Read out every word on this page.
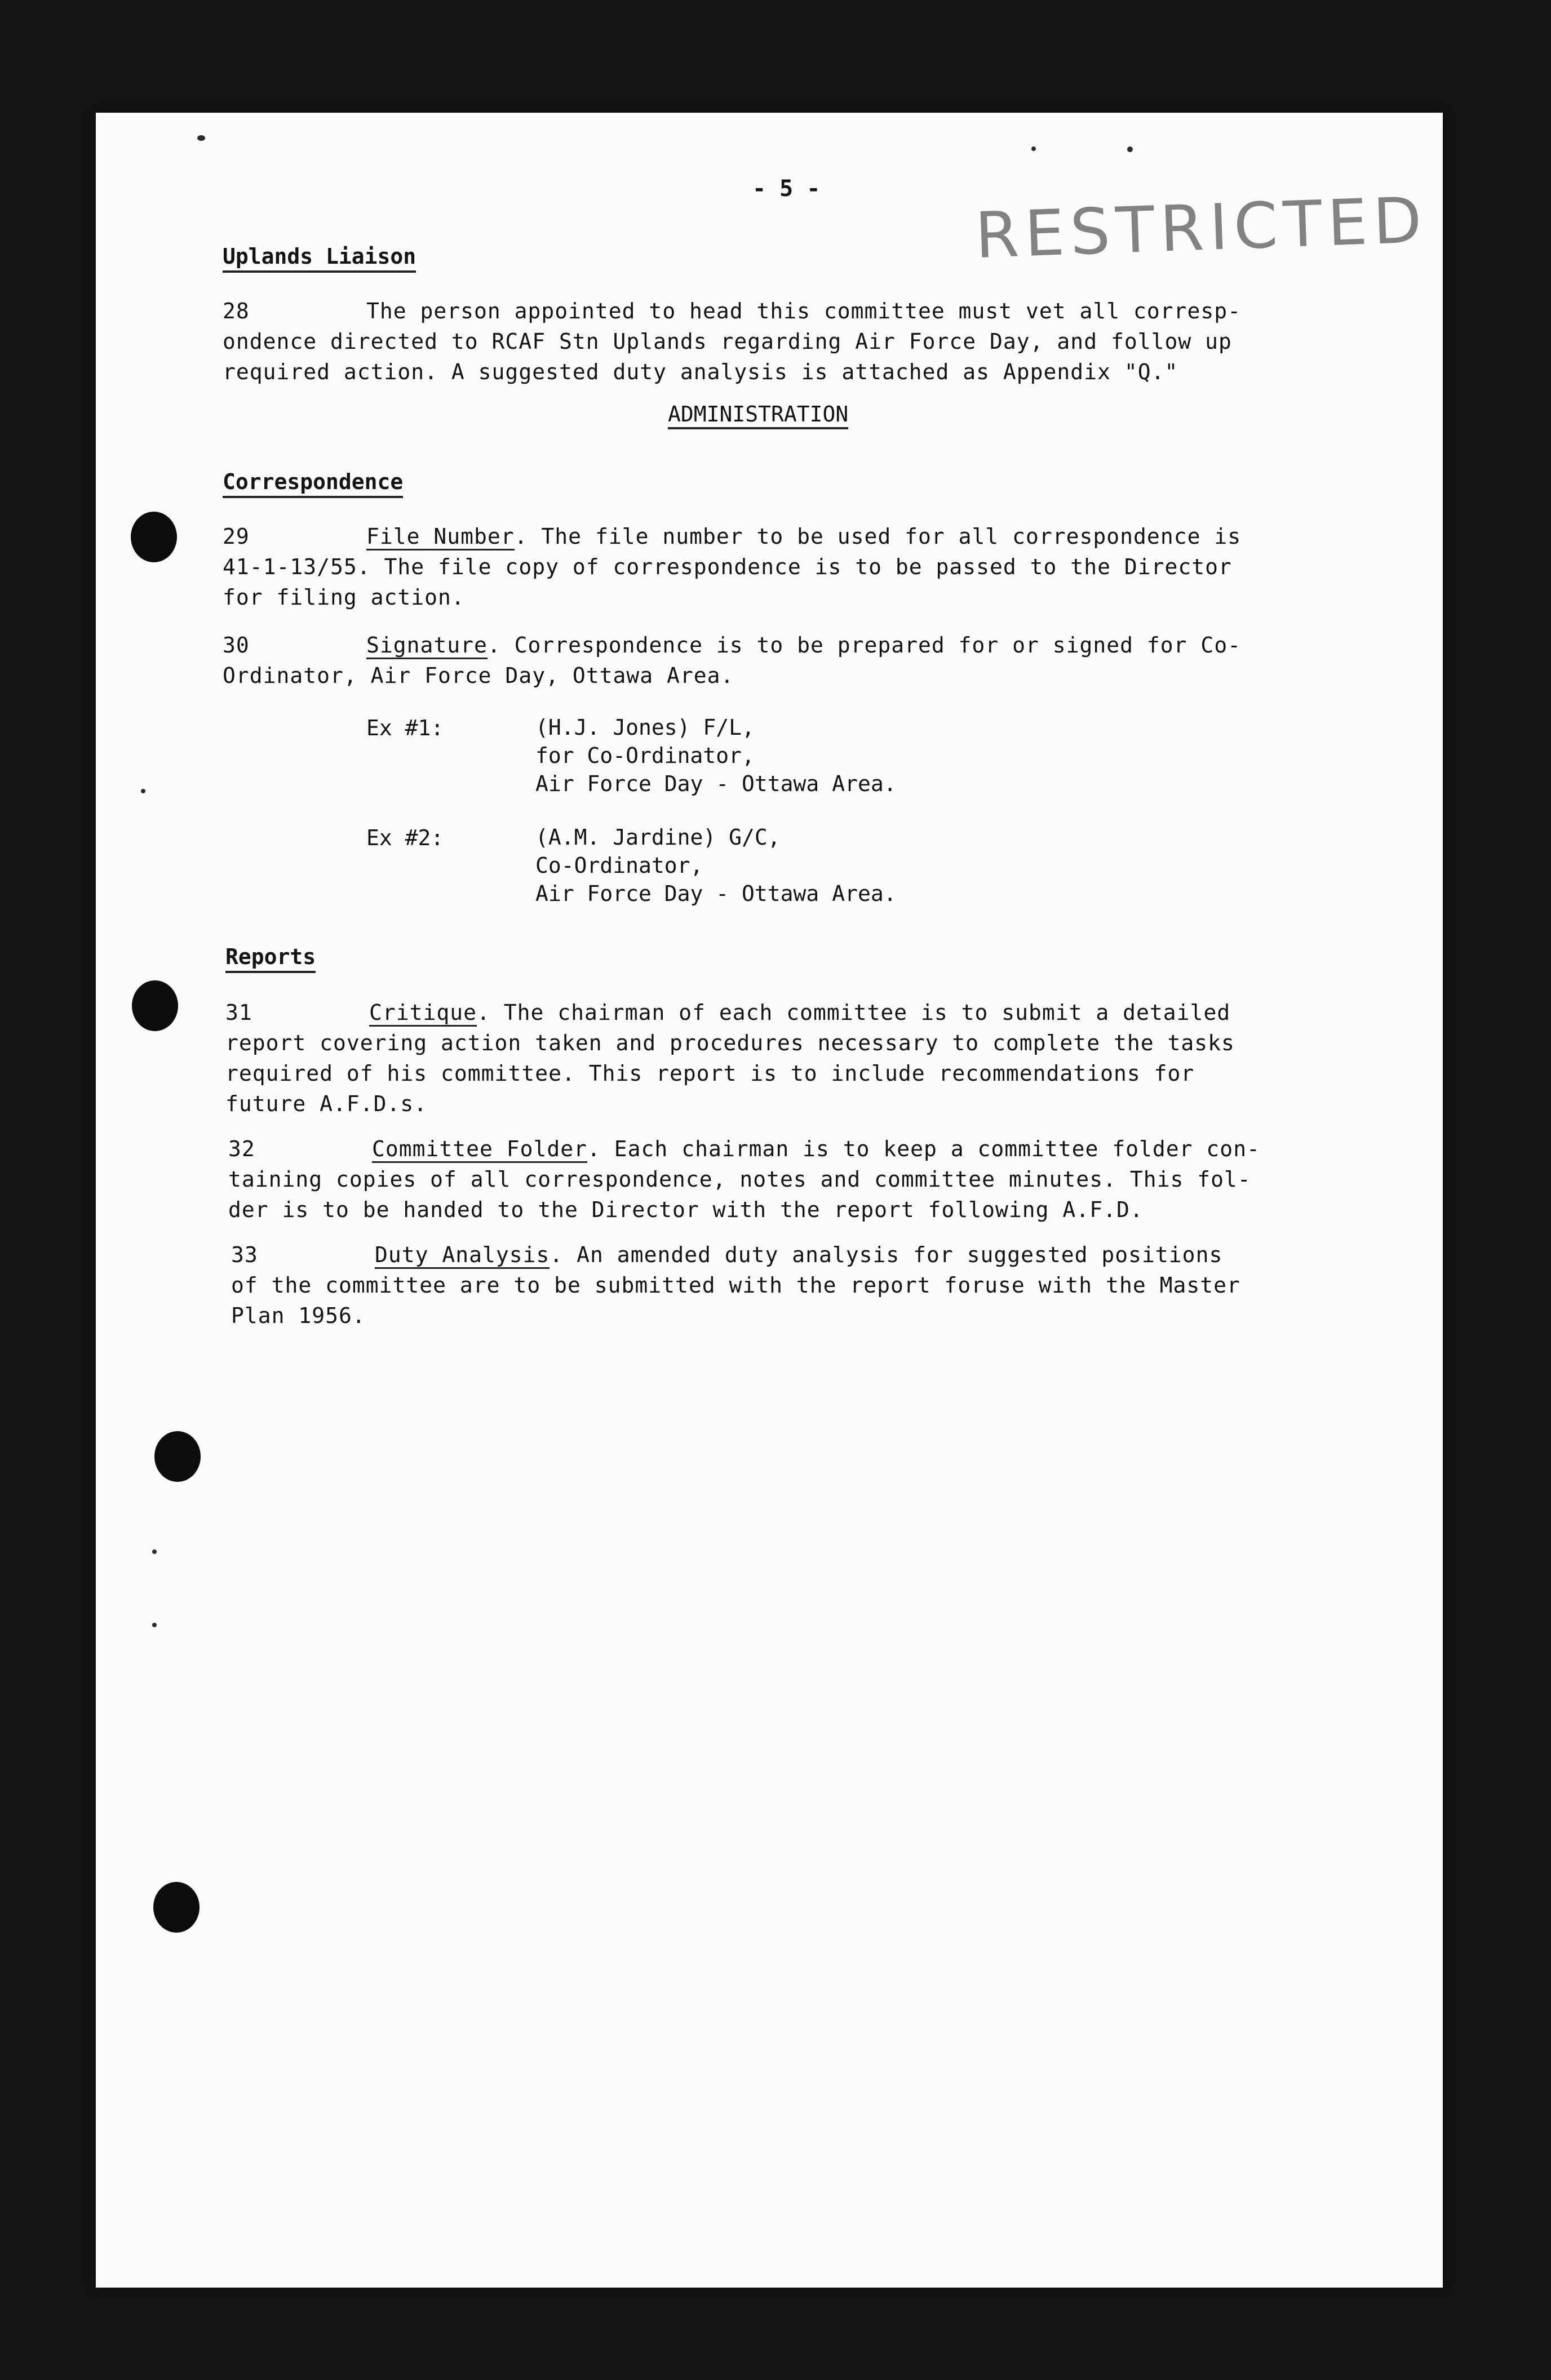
- 5 - RESTRICTED
Uplands Liaison
28	The person appointed to head this committee must vet all corresp-
ondence directed to RCAF Stn Uplands regarding Air Force Day, and follow up
required action. A suggested duty analysis is attached as Appendix "Q."
ADMINISTRATION
Correspondence
29	File Number. The file number to be used for all correspondence is
41-1-13/55. The file copy of correspondence is to be passed to the Director
for filing action.
30	Signature. Correspondence is to be prepared for or signed for Co-
Ordinator, Air Force Day, Ottawa Area.
Ex #1:	(H.J. Jones) F/L,
for Co-Ordinator,
Air Force Day - Ottawa Area.
Ex #2:	(A.M. Jardine) G/C,
Co-Ordinator,
Air Force Day - Ottawa Area.
Reports
31	Critique. The chairman of each committee is to submit a detailed
report covering action taken and procedures necessary to complete the tasks
required of his committee. This report is to include recommendations for
future A.F.D.s.
32	Committee Folder. Each chairman is to keep a committee folder con-
taining copies of all correspondence, notes and committee minutes. This fol-
der is to be handed to the Director with the report following A.F.D.
33	Duty Analysis. An amended duty analysis for suggested positions
of the committee are to be submitted with the report foruse with the Master
Plan 1956.
